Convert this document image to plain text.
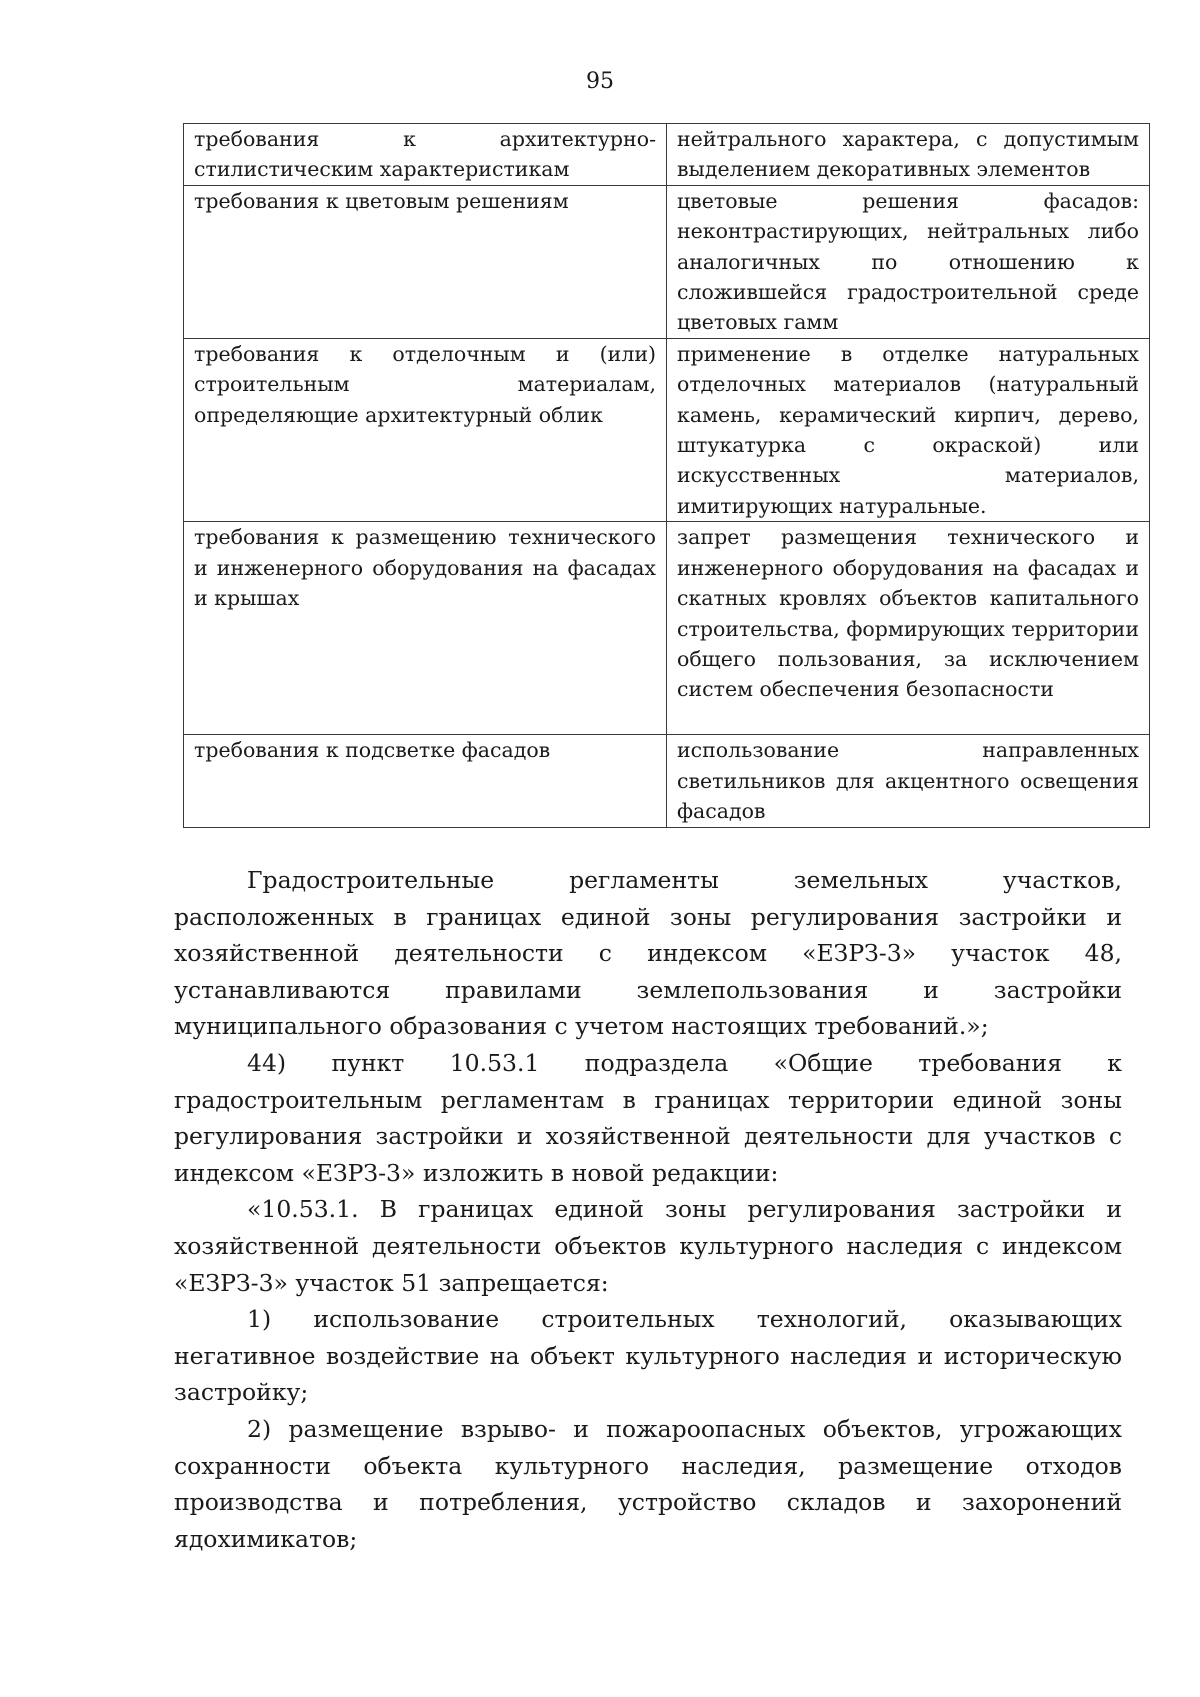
95
требования к архитектурно-стилистическим характеристикам	нейтрального характера, с допустимым выделением декоративных элементов
требования к цветовым решениям	цветовые решения фасадов: неконтрастирующих, нейтральных либо аналогичных по отношению к сложившейся градостроительной среде цветовых гамм
требования к отделочным и (или) строительным материалам, определяющие архитектурный облик	применение в отделке натуральных отделочных материалов (натуральный камень, керамический кирпич, дерево, штукатурка с окраской) или искусственных материалов, имитирующих натуральные.
требования к размещению технического и инженерного оборудования на фасадах и крышах	запрет размещения технического и инженерного оборудования на фасадах и скатных кровлях объектов капитального строительства, формирующих территории общего пользования, за исключением систем обеспечения безопасности
требования к подсветке фасадов	использование направленных светильников для акцентного освещения фасадов

Градостроительные регламенты земельных участков, расположенных в границах единой зоны регулирования застройки и хозяйственной деятельности с индексом «ЕЗРЗ-3» участок 48, устанавливаются правилами землепользования и застройки муниципального образования с учетом настоящих требований.»;

44) пункт 10.53.1 подраздела «Общие требования к градостроительным регламентам в границах территории единой зоны регулирования застройки и хозяйственной деятельности для участков с индексом «ЕЗРЗ-3» изложить в новой редакции:

«10.53.1. В границах единой зоны регулирования застройки и хозяйственной деятельности объектов культурного наследия с индексом «ЕЗРЗ-3» участок 51 запрещается:

1) использование строительных технологий, оказывающих негативное воздействие на объект культурного наследия и историческую застройку;

2) размещение взрыво- и пожароопасных объектов, угрожающих сохранности объекта культурного наследия, размещение отходов производства и потребления, устройство складов и захоронений ядохимикатов;
